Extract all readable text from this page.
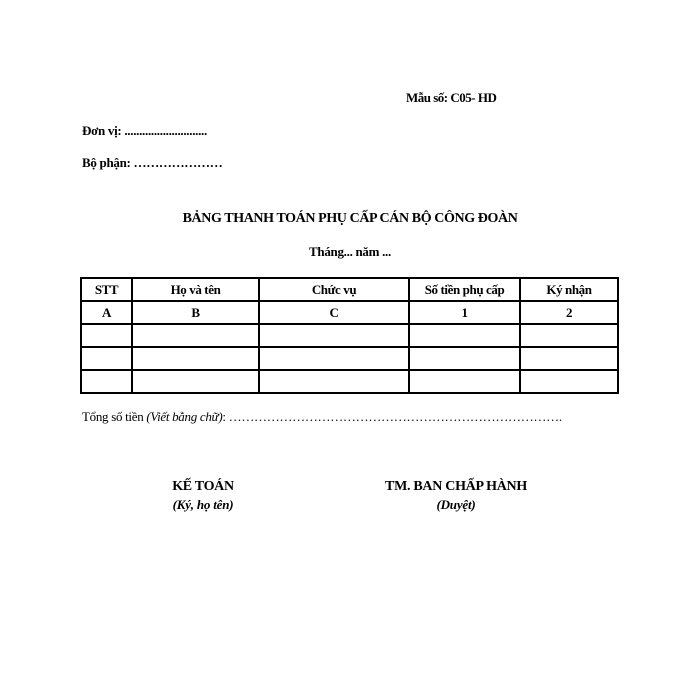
Mẫu số: C05- HD
Đơn vị: ............................
Bộ phận: …………………
BẢNG THANH TOÁN PHỤ CẤP CÁN BỘ CÔNG ĐOÀN
Tháng... năm ...
STT	Họ và tên	Chức vụ	Số tiền phụ cấp	Ký nhận
A	B	C	1	2

Tổng số tiền (Viết bằng chữ): …………………………………………………………………….
KẾ TOÁN
(Ký, họ tên)
TM. BAN CHẤP HÀNH
(Duyệt)
